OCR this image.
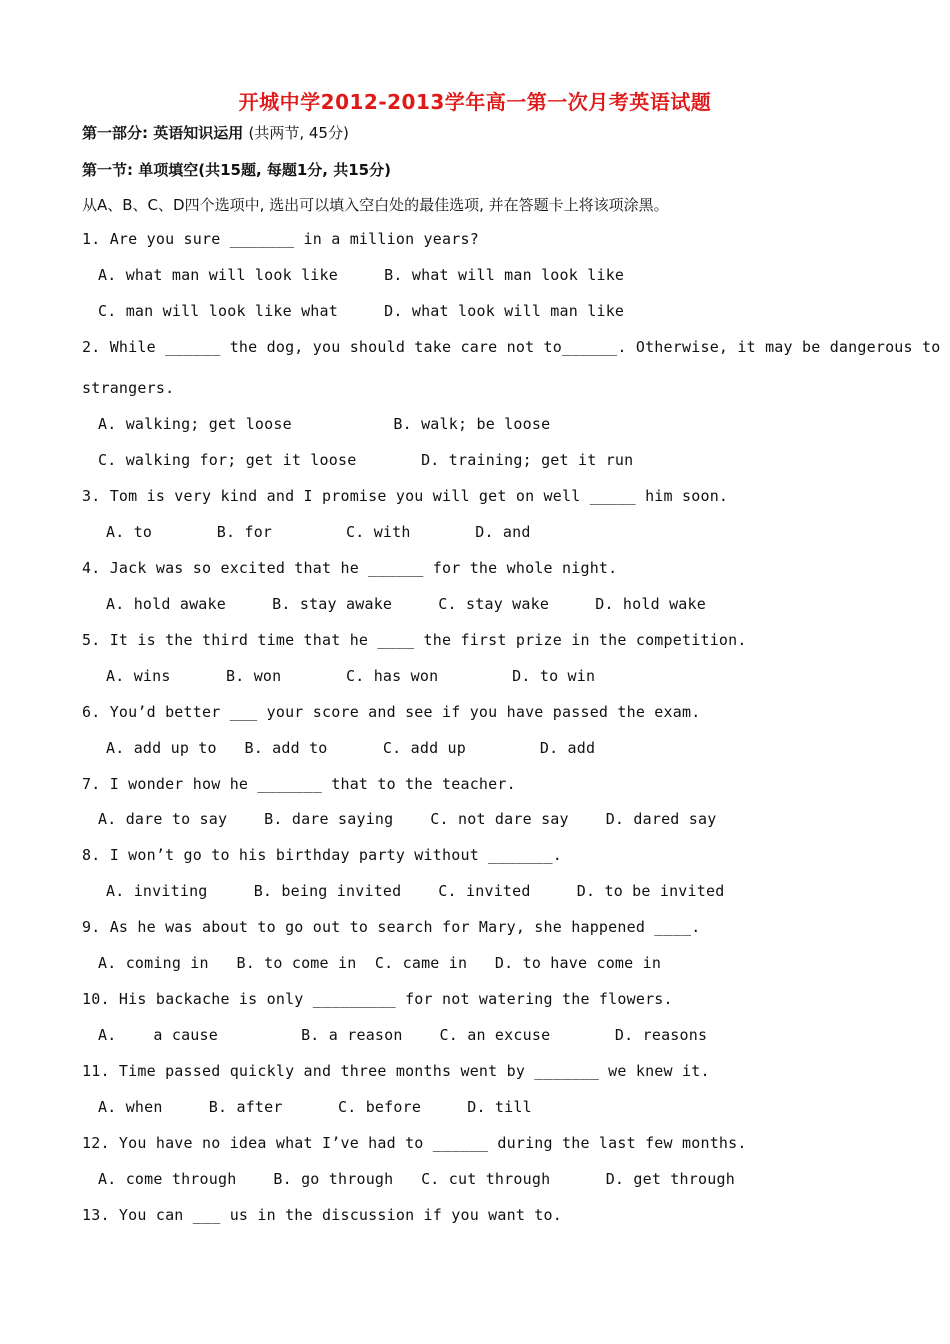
开城中学2012-2013学年高一第一次月考英语试题
第一部分: 英语知识运用 (共两节, 45分)
第一节: 单项填空(共15题, 每题1分, 共15分)
从A、B、C、D四个选项中, 选出可以填入空白处的最佳选项, 并在答题卡上将该项涂黑。
1. Are you sure _______ in a million years?
A. what man will look like     B. what will man look like
C. man will look like what     D. what look will man like
2. While ______ the dog, you should take care not to______. Otherwise, it may be dangerous to
strangers.
A. walking; get loose           B. walk; be loose
C. walking for; get it loose       D. training; get it run
3. Tom is very kind and I promise you will get on well _____ him soon.
A. to       B. for        C. with       D. and
4. Jack was so excited that he ______ for the whole night.
A. hold awake     B. stay awake     C. stay wake     D. hold wake
5. It is the third time that he ____ the first prize in the competition.
A. wins      B. won       C. has won        D. to win
6. You’d better ___ your score and see if you have passed the exam.
A. add up to   B. add to      C. add up        D. add
7. I wonder how he _______ that to the teacher.
A. dare to say    B. dare saying    C. not dare say    D. dared say
8. I won’t go to his birthday party without _______.
A. inviting     B. being invited    C. invited     D. to be invited
9. As he was about to go out to search for Mary, she happened ____.
A. coming in   B. to come in  C. came in   D. to have come in
10. His backache is only _________ for not watering the flowers.
A.    a cause         B. a reason    C. an excuse       D. reasons
11. Time passed quickly and three months went by _______ we knew it.
A. when     B. after      C. before     D. till
12. You have no idea what I’ve had to ______ during the last few months.
A. come through    B. go through   C. cut through      D. get through
13. You can ___ us in the discussion if you want to.
